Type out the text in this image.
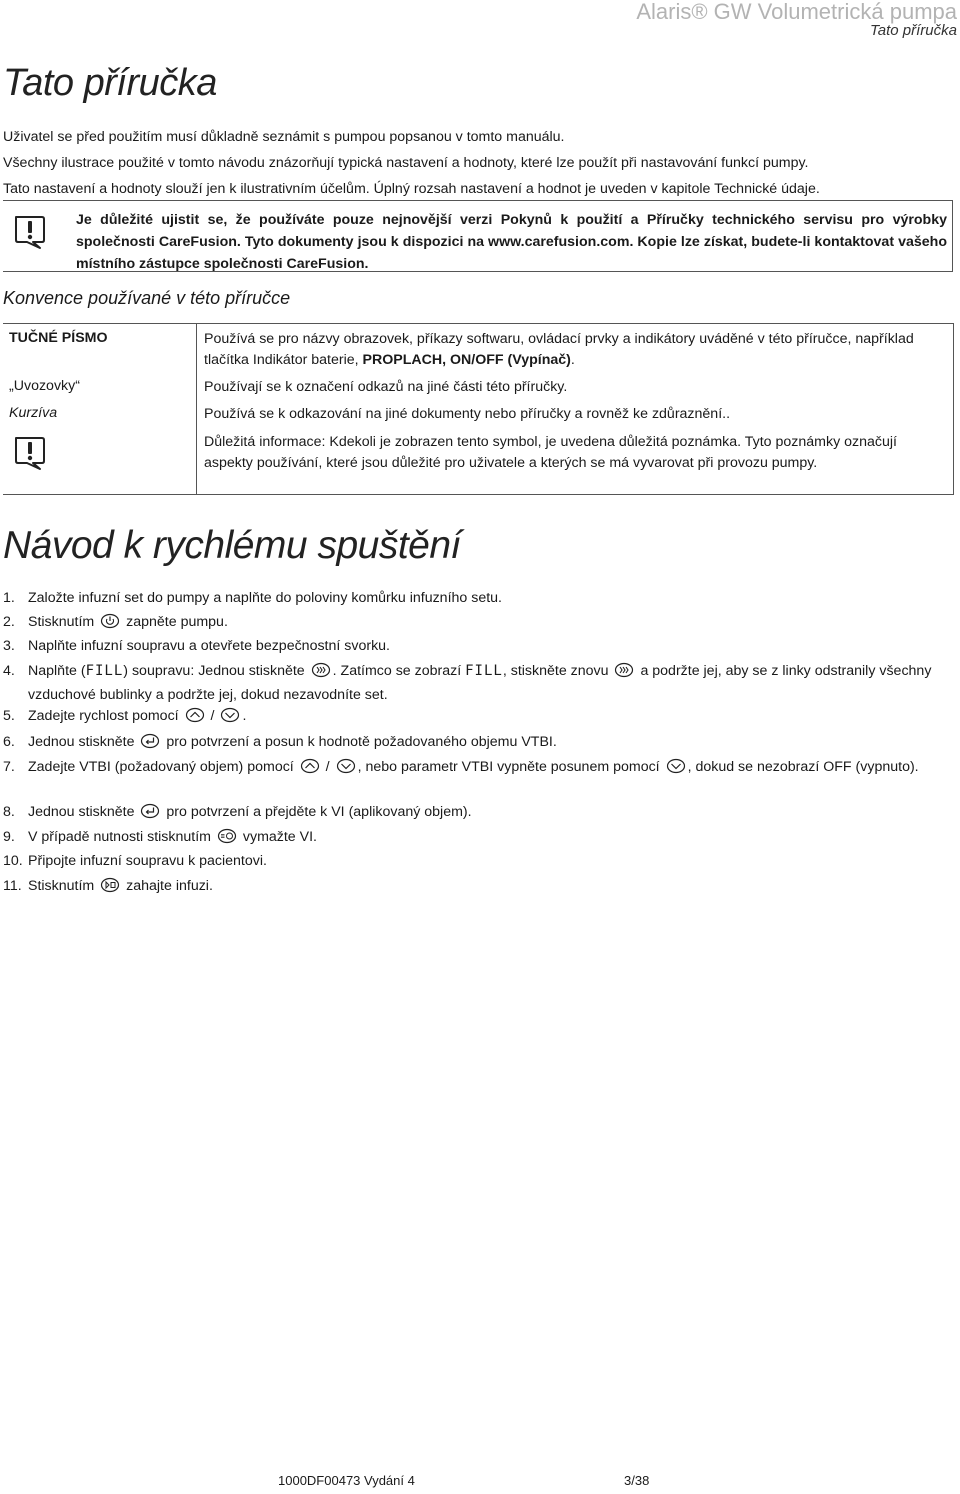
Alaris® GW Volumetrická pumpa
Tato příručka
Tato příručka
Uživatel se před použitím musí důkladně seznámit s pumpou popsanou v tomto manuálu.
Všechny ilustrace použité v tomto návodu znázorňují typická nastavení a hodnoty, které lze použít při nastavování funkcí pumpy.
Tato nastavení a hodnoty slouží jen k ilustrativním účelům. Úplný rozsah nastavení a hodnot je uveden v kapitole Technické údaje.
Je důležité ujistit se, že používáte pouze nejnovější verzi Pokynů k použití a Příručky technického servisu pro výrobky společnosti CareFusion. Tyto dokumenty jsou k dispozici na www.carefusion.com. Kopie lze získat, budete-li kontaktovat vašeho místního zástupce společnosti CareFusion.
Konvence používané v této příručce
TUČNÉ PÍSMO	Používá se pro názvy obrazovek, příkazy softwaru, ovládací prvky a indikátory uváděné v této příručce, například tlačítka Indikátor baterie, PROPLACH, ON/OFF (Vypínač).
„Uvozovky“	Používají se k označení odkazů na jiné části této příručky.
Kurzíva	Používá se k odkazování na jiné dokumenty nebo příručky a rovněž ke zdůraznění..
Důležitá informace: Kdekoli je zobrazen tento symbol, je uvedena důležitá poznámka. Tyto poznámky označují aspekty používání, které jsou důležité pro uživatele a kterých se má vyvarovat při provozu pumpy.
Návod k rychlému spuštění
1. Založte infuzní set do pumpy a naplňte do poloviny komůrku infuzního setu.
2. Stisknutím zapněte pumpu.
3. Naplňte infuzní soupravu a otevřete bezpečnostní svorku.
4. Naplňte (FILL) soupravu: Jednou stiskněte . Zatímco se zobrazí FILL, stiskněte znovu a podržte jej, aby se z linky odstranily všechny vzduchové bublinky a podržte jej, dokud nezavodníte set.
5. Zadejte rychlost pomocí / .
6. Jednou stiskněte pro potvrzení a posun k hodnotě požadovaného objemu VTBI.
7. Zadejte VTBI (požadovaný objem) pomocí / , nebo parametr VTBI vypněte posunem pomocí , dokud se nezobrazí OFF (vypnuto).
8. Jednou stiskněte pro potvrzení a přejděte k VI (aplikovaný objem).
9. V případě nutnosti stisknutím vymažte VI.
10. Připojte infuzní soupravu k pacientovi.
11. Stisknutím zahajte infuzi.
1000DF00473 Vydání 4	3/38
